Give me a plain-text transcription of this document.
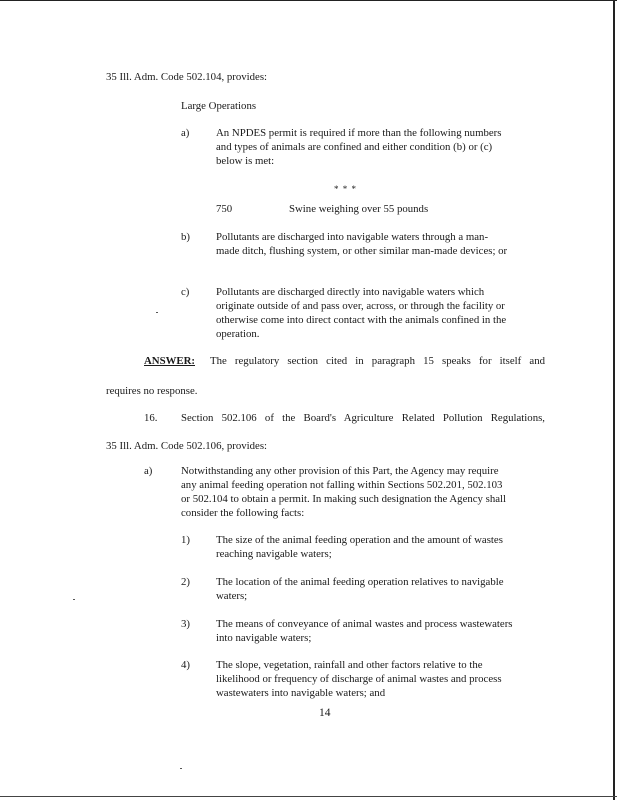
35 Ill. Adm. Code 502.104, provides:
Large Operations
a) An NPDES permit is required if more than the following numbers and types of animals are confined and either condition (b) or (c) below is met:
* * *
750	Swine weighing over 55 pounds
b) Pollutants are discharged into navigable waters through a man-made ditch, flushing system, or other similar man-made devices; or
c) Pollutants are discharged directly into navigable waters which originate outside of and pass over, across, or through the facility or otherwise come into direct contact with the animals confined in the operation.
ANSWER: The regulatory section cited in paragraph 15 speaks for itself and
requires no response.
16. Section 502.106 of the Board's Agriculture Related Pollution Regulations,
35 Ill. Adm. Code 502.106, provides:
a)	Notwithstanding any other provision of this Part, the Agency may require any animal feeding operation not falling within Sections 502.201, 502.103 or 502.104 to obtain a permit. In making such designation the Agency shall consider the following facts:
1) The size of the animal feeding operation and the amount of wastes reaching navigable waters;
2) The location of the animal feeding operation relatives to navigable waters;
3) The means of conveyance of animal wastes and process wastewaters into navigable waters;
4) The slope, vegetation, rainfall and other factors relative to the likelihood or frequency of discharge of animal wastes and process wastewaters into navigable waters; and
14
